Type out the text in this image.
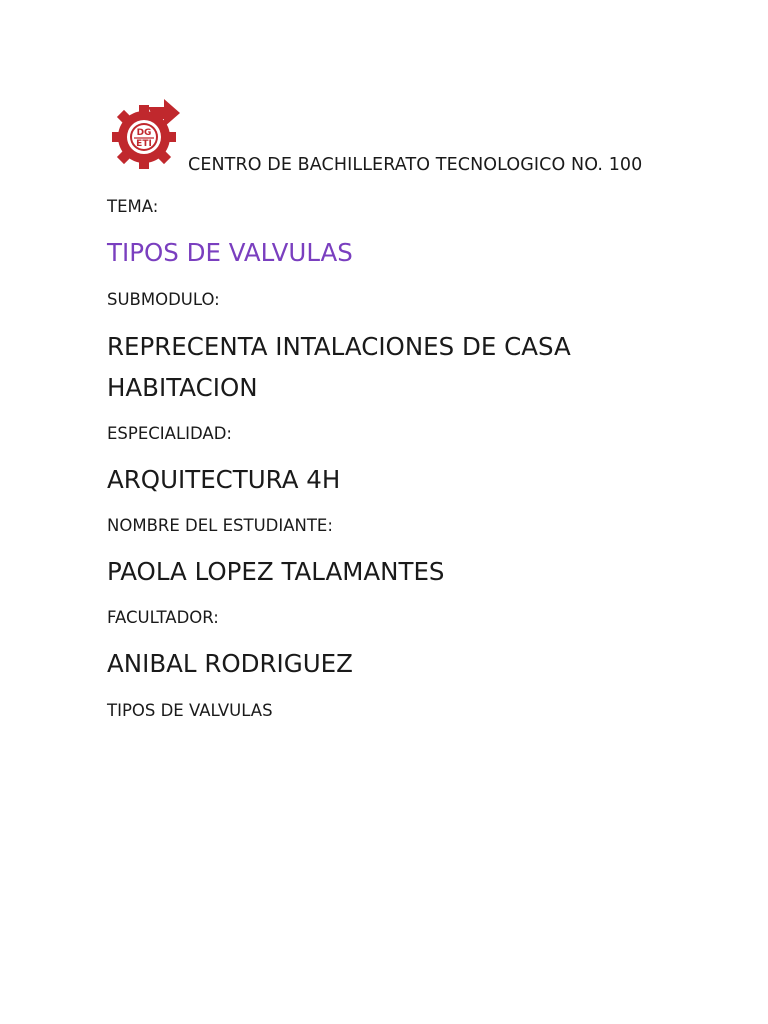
DG
ETI
CENTRO DE BACHILLERATO TECNOLOGICO NO. 100
TEMA:
TIPOS DE VALVULAS
SUBMODULO:
REPRECENTA INTALACIONES DE CASA
HABITACION
ESPECIALIDAD:
ARQUITECTURA 4H
NOMBRE DEL ESTUDIANTE:
PAOLA LOPEZ TALAMANTES
FACULTADOR:
ANIBAL RODRIGUEZ
TIPOS DE VALVULAS
